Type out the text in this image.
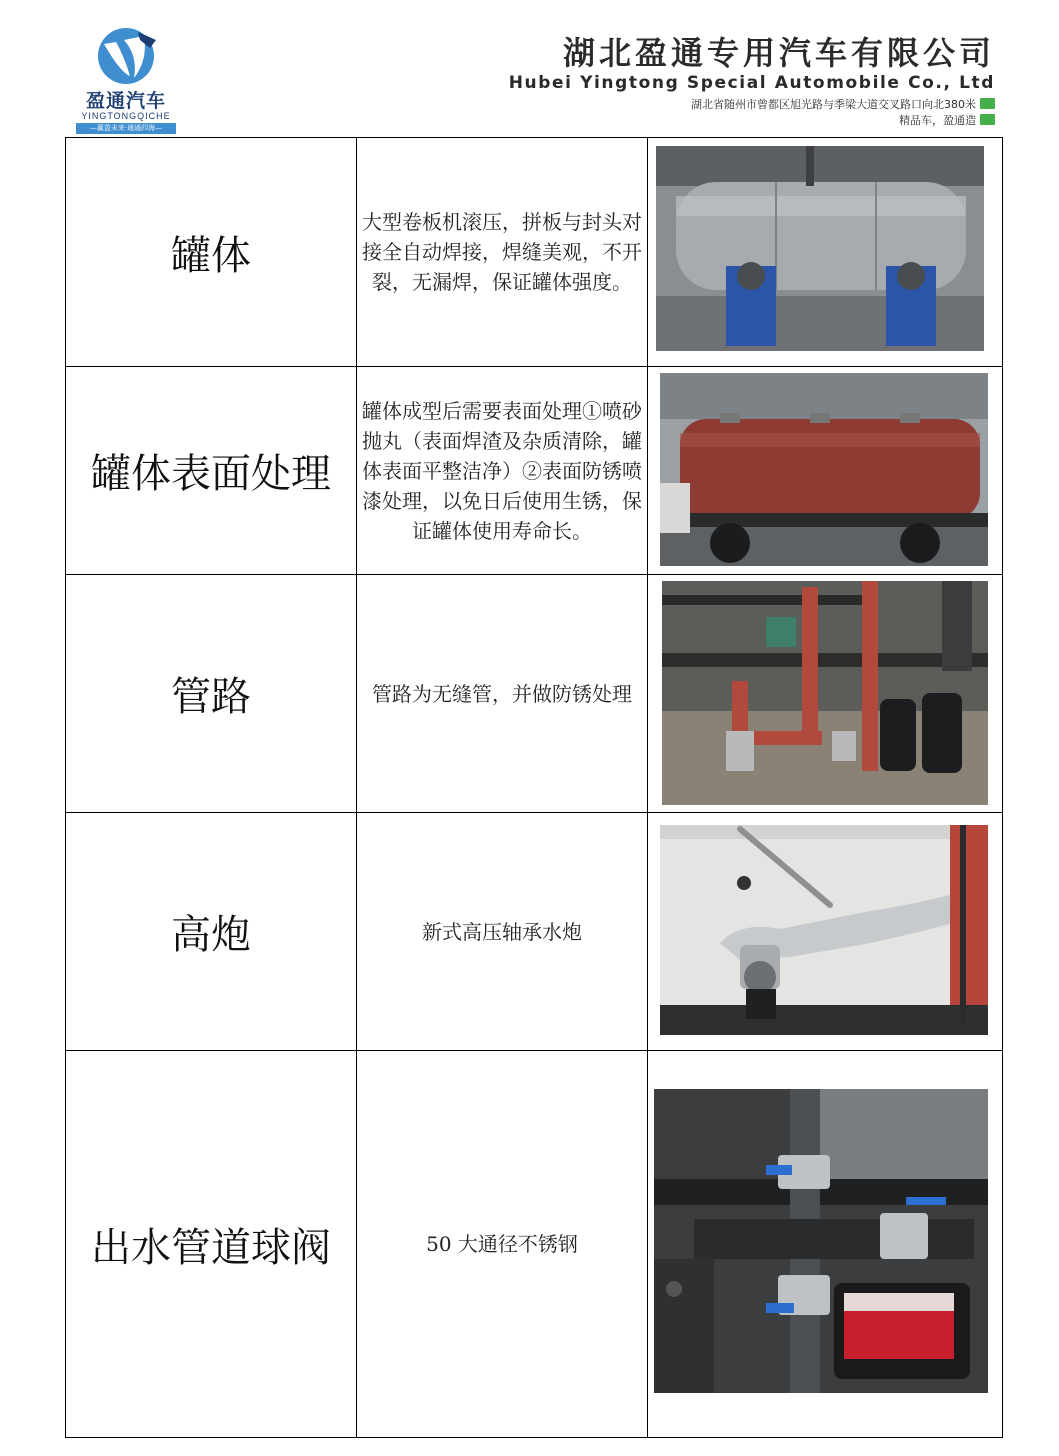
盈通汽车
YINGTONGQICHE
—赢盈未来·通通四海—
湖北盈通专用汽车有限公司
Hubei Yingtong Special Automobile Co., Ltd
湖北省随州市曾都区旭光路与季梁大道交叉路口向北380米
精品车，盈通造
罐体	大型卷板机滚压，拼板与封头对接全自动焊接，焊缝美观，不开裂，无漏焊，保证罐体强度。	

罐体表面处理	罐体成型后需要表面处理①喷砂抛丸（表面焊渣及杂质清除，罐体表面平整洁净）②表面防锈喷漆处理，以免日后使用生锈，保证罐体使用寿命长。	

管路	管路为无缝管，并做防锈处理	

高炮	新式高压轴承水炮	

出水管道球阀	50 大通径不锈钢	
